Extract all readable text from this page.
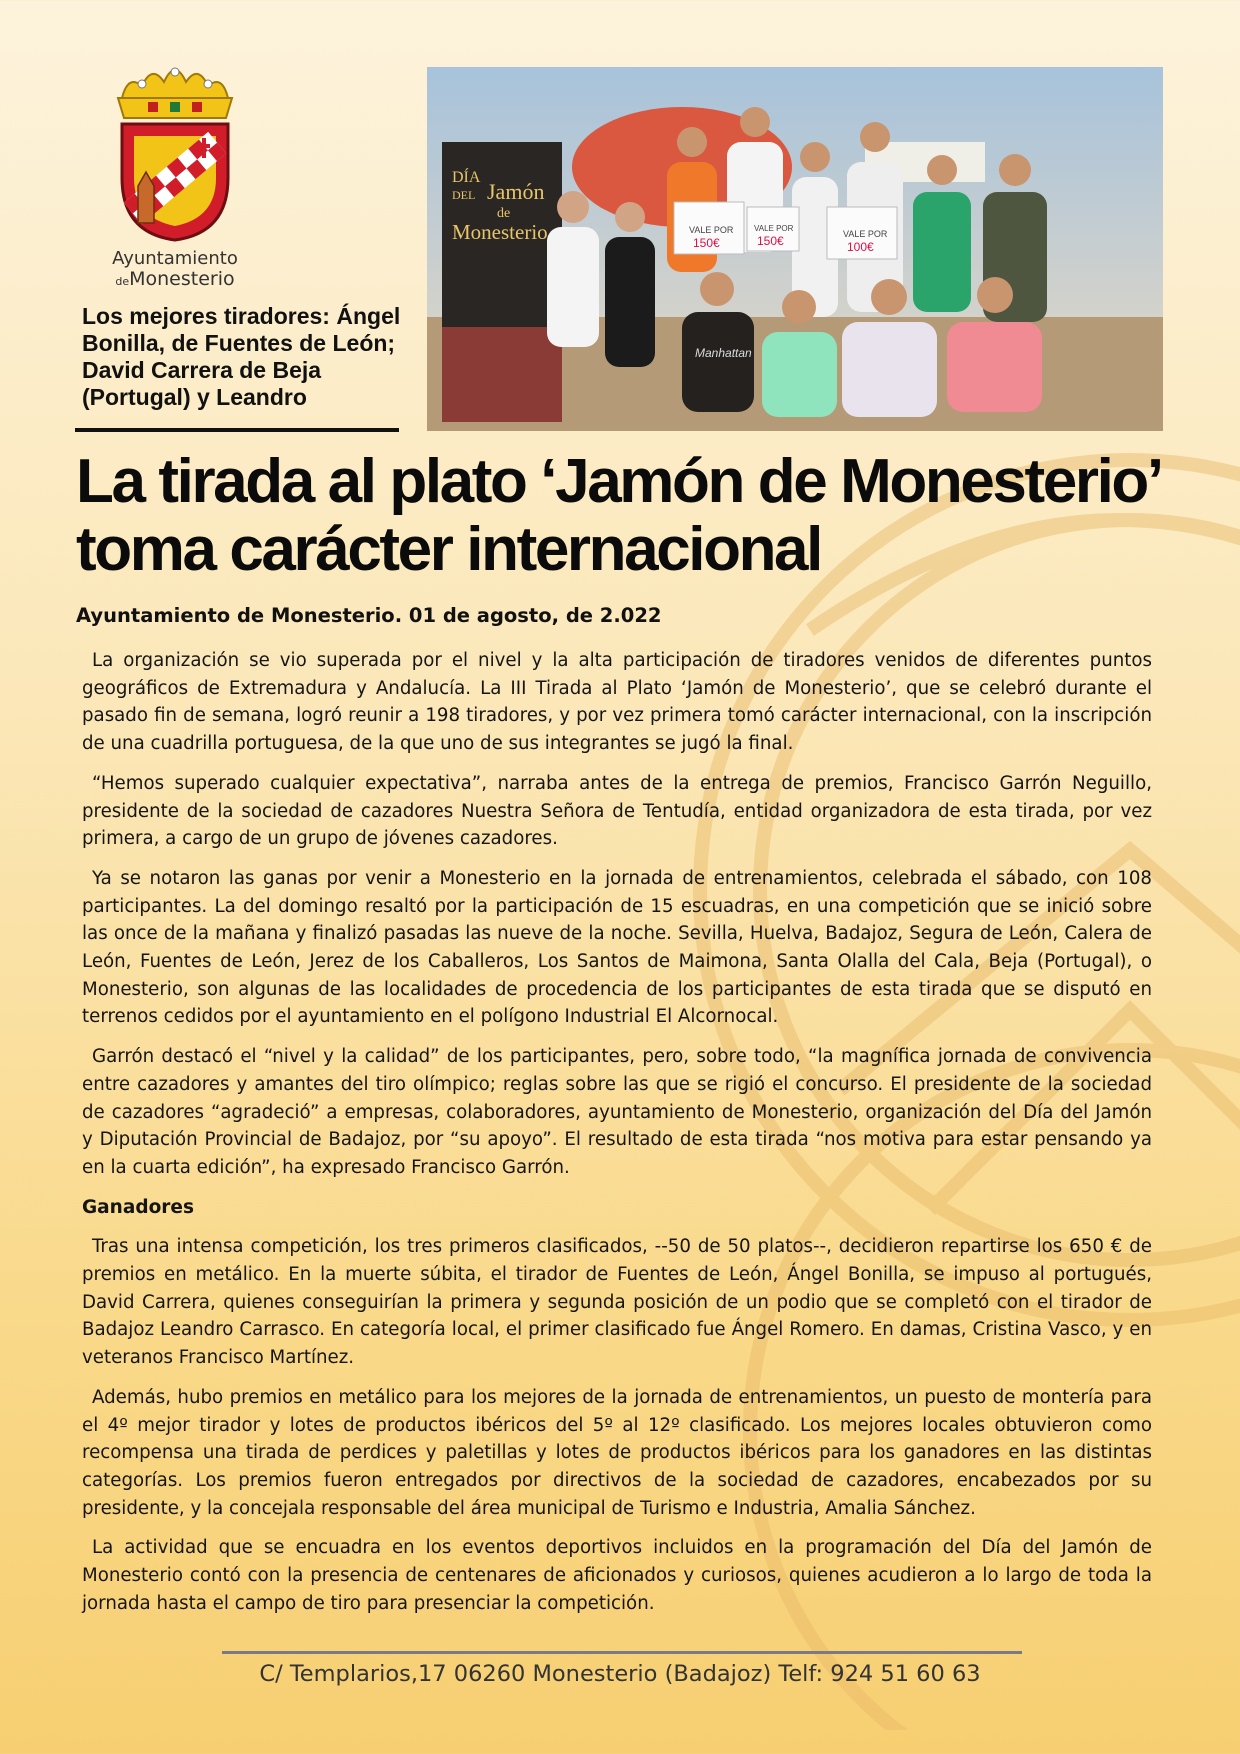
Ayuntamiento
deMonesterio
Los mejores tiradores: Ángel Bonilla, de Fuentes de León; David Carrera de Beja (Portugal) y Leandro
DÍA
DEL Jamón
de
Monesterio	VALE POR
150€
VALE POR
150€	VALE POR
100€
Manhattan
La tirada al plato ‘Jamón de Monesterio’ toma carácter internacional

Ayuntamiento de Monesterio. 01 de agosto, de 2.022

La organización se vio superada por el nivel y la alta participación de tiradores venidos de diferentes puntos geográficos de Extremadura y Andalucía. La III Tirada al Plato ‘Jamón de Monesterio’, que se celebró durante el pasado fin de semana, logró reunir a 198 tiradores, y por vez primera tomó carácter internacional, con la inscripción de una cuadrilla portuguesa, de la que uno de sus integrantes se jugó la final.

“Hemos superado cualquier expectativa”, narraba antes de la entrega de premios, Francisco Garrón Neguillo, presidente de la sociedad de cazadores Nuestra Señora de Tentudía, entidad organizadora de esta tirada, por vez primera, a cargo de un grupo de jóvenes cazadores.

Ya se notaron las ganas por venir a Monesterio en la jornada de entrenamientos, celebrada el sábado, con 108 participantes. La del domingo resaltó por la participación de 15 escuadras, en una competición que se inició sobre las once de la mañana y finalizó pasadas las nueve de la noche. Sevilla, Huelva, Badajoz, Segura de León, Calera de León, Fuentes de León, Jerez de los Caballeros, Los Santos de Maimona, Santa Olalla del Cala, Beja (Portugal), o Monesterio, son algunas de las localidades de procedencia de los participantes de esta tirada que se disputó en terrenos cedidos por el ayuntamiento en el polígono Industrial El Alcornocal.

Garrón destacó el “nivel y la calidad” de los participantes, pero, sobre todo, “la magnífica jornada de convivencia entre cazadores y amantes del tiro olímpico; reglas sobre las que se rigió el concurso. El presidente de la sociedad de cazadores “agradeció” a empresas, colaboradores, ayuntamiento de Monesterio, organización del Día del Jamón y Diputación Provincial de Badajoz, por “su apoyo”. El resultado de esta tirada “nos motiva para estar pensando ya en la cuarta edición”, ha expresado Francisco Garrón.

Ganadores

Tras una intensa competición, los tres primeros clasificados, --50 de 50 platos--, decidieron repartirse los 650 € de premios en metálico. En la muerte súbita, el tirador de Fuentes de León, Ángel Bonilla, se impuso al portugués, David Carrera, quienes conseguirían la primera y segunda posición de un podio que se completó con el tirador de Badajoz Leandro Carrasco. En categoría local, el primer clasificado fue Ángel Romero. En damas, Cristina Vasco, y en veteranos Francisco Martínez.

Además, hubo premios en metálico para los mejores de la jornada de entrenamientos, un puesto de montería para el 4º mejor tirador y lotes de productos ibéricos del 5º al 12º clasificado. Los mejores locales obtuvieron como recompensa una tirada de perdices y paletillas y lotes de productos ibéricos para los ganadores en las distintas categorías. Los premios fueron entregados por directivos de la sociedad de cazadores, encabezados por su presidente, y la concejala responsable del área municipal de Turismo e Industria, Amalia Sánchez.

La actividad que se encuadra en los eventos deportivos incluidos en la programación del Día del Jamón de Monesterio contó con la presencia de centenares de aficionados y curiosos, quienes acudieron a lo largo de toda la jornada hasta el campo de tiro para presenciar la competición.

C/ Templarios,17 06260 Monesterio (Badajoz) Telf: 924 51 60 63
